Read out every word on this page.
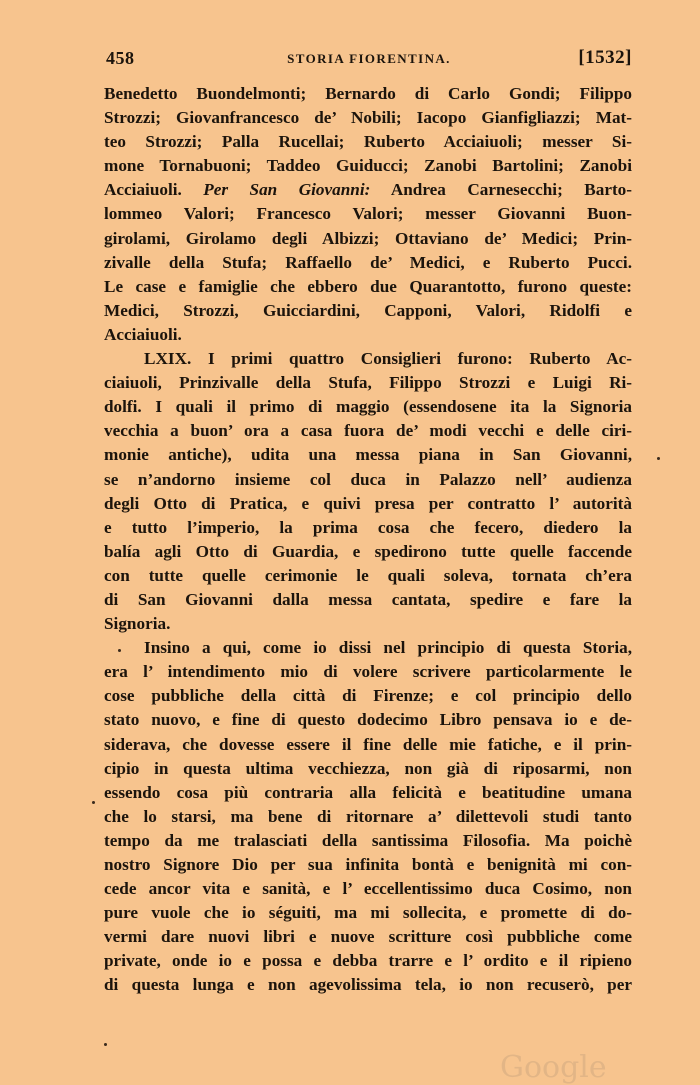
458	STORIA FIORENTINA.	[1532]
Benedetto Buondelmonti; Bernardo di Carlo Gondi; Filippo
Strozzi; Giovanfrancesco de’ Nobili; Iacopo Gianfigliazzi; Mat-
teo Strozzi; Palla Rucellai; Ruberto Acciaiuoli; messer Si-
mone Tornabuoni; Taddeo Guiducci; Zanobi Bartolini; Zanobi
Acciaiuoli. Per San Giovanni: Andrea Carnesecchi; Barto-
lommeo Valori; Francesco Valori; messer Giovanni Buon-
girolami, Girolamo degli Albizzi; Ottaviano de’ Medici; Prin-
zivalle della Stufa; Raffaello de’ Medici, e Ruberto Pucci.
Le case e famiglie che ebbero due Quarantotto, furono queste:
Medici, Strozzi, Guicciardini, Capponi, Valori, Ridolfi e
Acciaiuoli.
LXIX. I primi quattro Consiglieri furono: Ruberto Ac-
ciaiuoli, Prinzivalle della Stufa, Filippo Strozzi e Luigi Ri-
dolfi. I quali il primo di maggio (essendosene ita la Signoria
vecchia a buon’ ora a casa fuora de’ modi vecchi e delle ciri-
monie antiche), udita una messa piana in San Giovanni,
se n’andorno insieme col duca in Palazzo nell’ audienza
degli Otto di Pratica, e quivi presa per contratto l’ autorità
e tutto l’imperio, la prima cosa che fecero, diedero la
balía agli Otto di Guardia, e spedirono tutte quelle faccende
con tutte quelle cerimonie le quali soleva, tornata ch’era
di San Giovanni dalla messa cantata, spedire e fare la
Signoria.
Insino a qui, come io dissi nel principio di questa Storia,
era l’ intendimento mio di volere scrivere particolarmente le
cose pubbliche della città di Firenze; e col principio dello
stato nuovo, e fine di questo dodecimo Libro pensava io e de-
siderava, che dovesse essere il fine delle mie fatiche, e il prin-
cipio in questa ultima vecchiezza, non già di riposarmi, non
essendo cosa più contraria alla felicità e beatitudine umana
che lo starsi, ma bene di ritornare a’ dilettevoli studi tanto
tempo da me tralasciati della santissima Filosofia. Ma poichè
nostro Signore Dio per sua infinita bontà e benignità mi con-
cede ancor vita e sanità, e l’ eccellentissimo duca Cosimo, non
pure vuole che io séguiti, ma mi sollecita, e promette di do-
vermi dare nuovi libri e nuove scritture così pubbliche come
private, onde io e possa e debba trarre e l’ ordito e il ripieno
di questa lunga e non agevolissima tela, io non recuserò, per
Google
